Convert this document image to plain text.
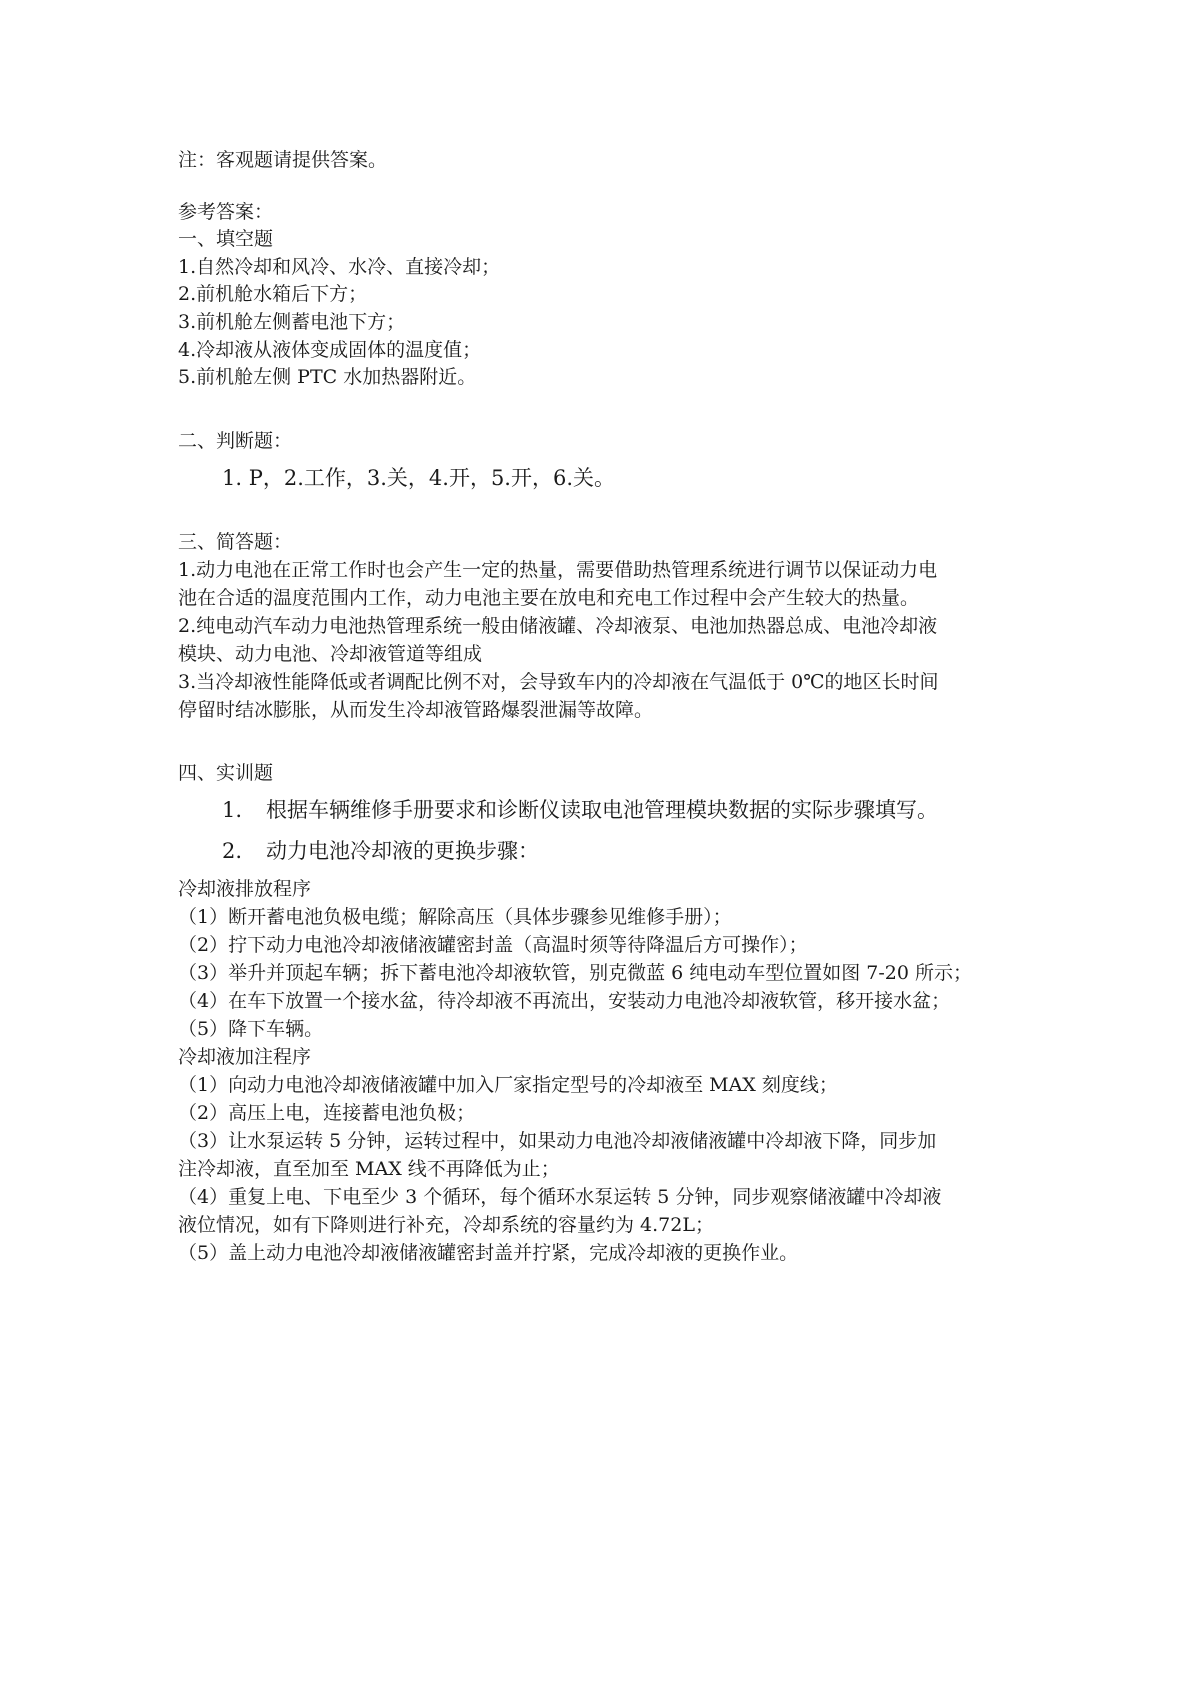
注：客观题请提供答案。
参考答案：
一、填空题
1.自然冷却和风冷、水冷、直接冷却；
2.前机舱水箱后下方；
3.前机舱左侧蓄电池下方；
4.冷却液从液体变成固体的温度值；
5.前机舱左侧 PTC 水加热器附近。
二、判断题：
1. P，2.工作，3.关，4.开，5.开，6.关。
三、简答题：
1.动力电池在正常工作时也会产生一定的热量，需要借助热管理系统进行调节以保证动力电
池在合适的温度范围内工作，动力电池主要在放电和充电工作过程中会产生较大的热量。
2.纯电动汽车动力电池热管理系统一般由储液罐、冷却液泵、电池加热器总成、电池冷却液
模块、动力电池、冷却液管道等组成
3.当冷却液性能降低或者调配比例不对，会导致车内的冷却液在气温低于 0℃的地区长时间
停留时结冰膨胀，从而发生冷却液管路爆裂泄漏等故障。
四、实训题
1. 根据车辆维修手册要求和诊断仪读取电池管理模块数据的实际步骤填写。
2. 动力电池冷却液的更换步骤：
冷却液排放程序
（1）断开蓄电池负极电缆；解除高压（具体步骤参见维修手册）；
（2）拧下动力电池冷却液储液罐密封盖（高温时须等待降温后方可操作）；
（3）举升并顶起车辆；拆下蓄电池冷却液软管，别克微蓝 6 纯电动车型位置如图 7-20 所示；
（4）在车下放置一个接水盆，待冷却液不再流出，安装动力电池冷却液软管，移开接水盆；
（5）降下车辆。
冷却液加注程序
（1）向动力电池冷却液储液罐中加入厂家指定型号的冷却液至 MAX 刻度线；
（2）高压上电，连接蓄电池负极；
（3）让水泵运转 5 分钟，运转过程中，如果动力电池冷却液储液罐中冷却液下降，同步加
注冷却液，直至加至 MAX 线不再降低为止；
（4）重复上电、下电至少 3 个循环，每个循环水泵运转 5 分钟，同步观察储液罐中冷却液
液位情况，如有下降则进行补充，冷却系统的容量约为 4.72L；
（5）盖上动力电池冷却液储液罐密封盖并拧紧，完成冷却液的更换作业。
